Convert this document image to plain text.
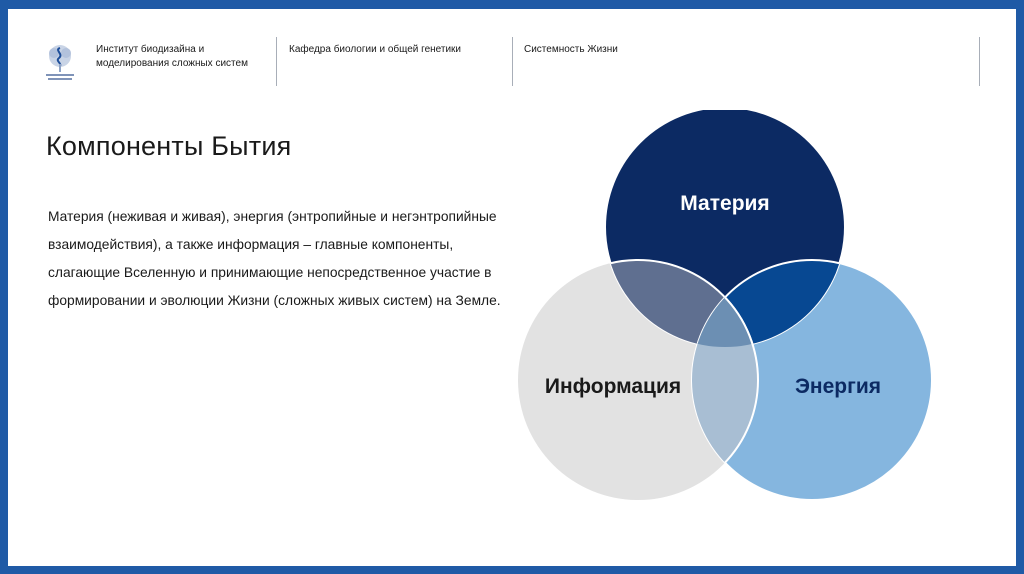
Институт биодизайна и моделирования сложных систем
Кафедра биологии и общей генетики	Системность Жизни
Компоненты Бытия
Материя (неживая и живая), энергия (энтропийные и негэнтропийные взаимодействия), а также информация – главные компоненты, слагающие Вселенную и принимающие непосредственное участие в формировании и эволюции Жизни (сложных живых систем) на Земле.
Материя
Информация	Энергия
